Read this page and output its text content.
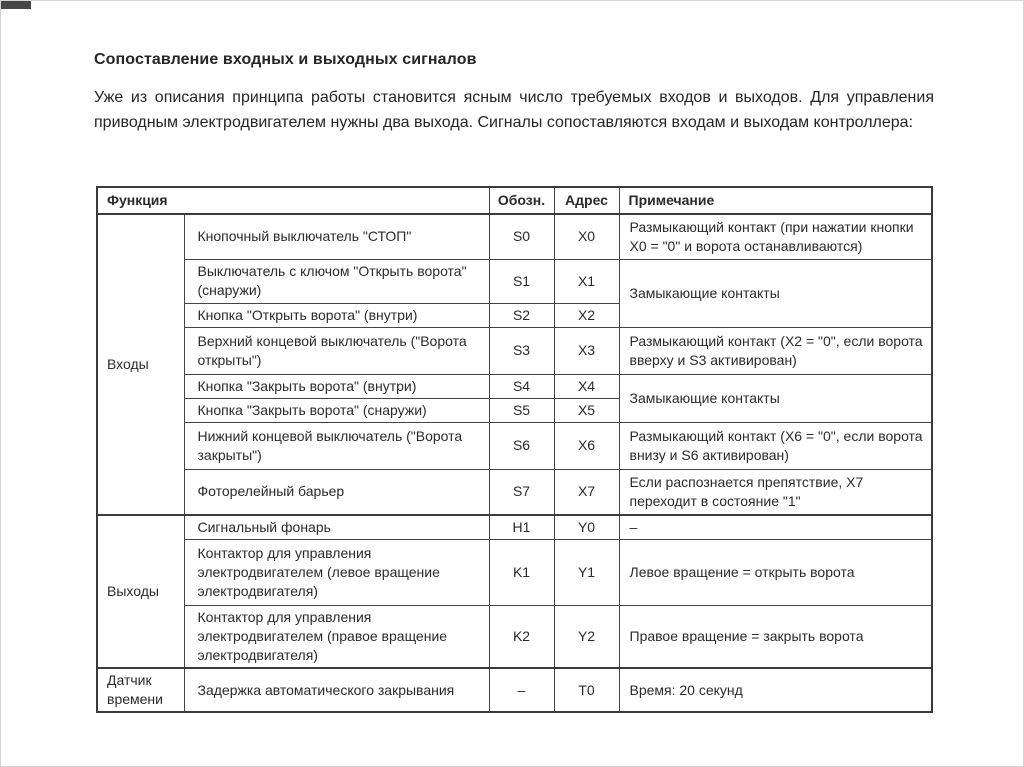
Сопоставление входных и выходных сигналов
Уже из описания принципа работы становится ясным число требуемых входов и выходов. Для управления приводным электродвигателем нужны два выхода. Сигналы сопоставляются входам и выходам контроллера:
Функция		Обозн.	Адрес	Примечание
Входы	Кнопочный выключатель "СТОП"	S0	X0	Размыкающий контакт (при нажатии кнопки X0 = "0" и ворота останавливаются)
	Выключатель с ключом "Открыть ворота" (снаружи)	S1	X1	Замыкающие контакты
	Кнопка "Открыть ворота" (внутри)	S2	X2	
	Верхний концевой выключатель ("Ворота открыты")	S3	X3	Размыкающий контакт (X2 = "0", если ворота вверху и S3 активирован)
	Кнопка "Закрыть ворота" (внутри)	S4	X4	Замыкающие контакты
	Кнопка "Закрыть ворота" (снаружи)	S5	X5	
	Нижний концевой выключатель ("Ворота закрыты")	S6	X6	Размыкающий контакт (X6 = "0", если ворота внизу и S6 активирован)
	Фоторелейный барьер	S7	X7	Если распознается препятствие, X7 переходит в состояние "1"
Выходы	Сигнальный фонарь	H1	Y0	–
	Контактор для управления электродвигателем (левое вращение электродвигателя)	K1	Y1	Левое вращение = открыть ворота
	Контактор для управления электродвигателем (правое вращение электродвигателя)	K2	Y2	Правое вращение = закрыть ворота
Датчик времени	Задержка автоматического закрывания	–	T0	Время: 20 секунд
